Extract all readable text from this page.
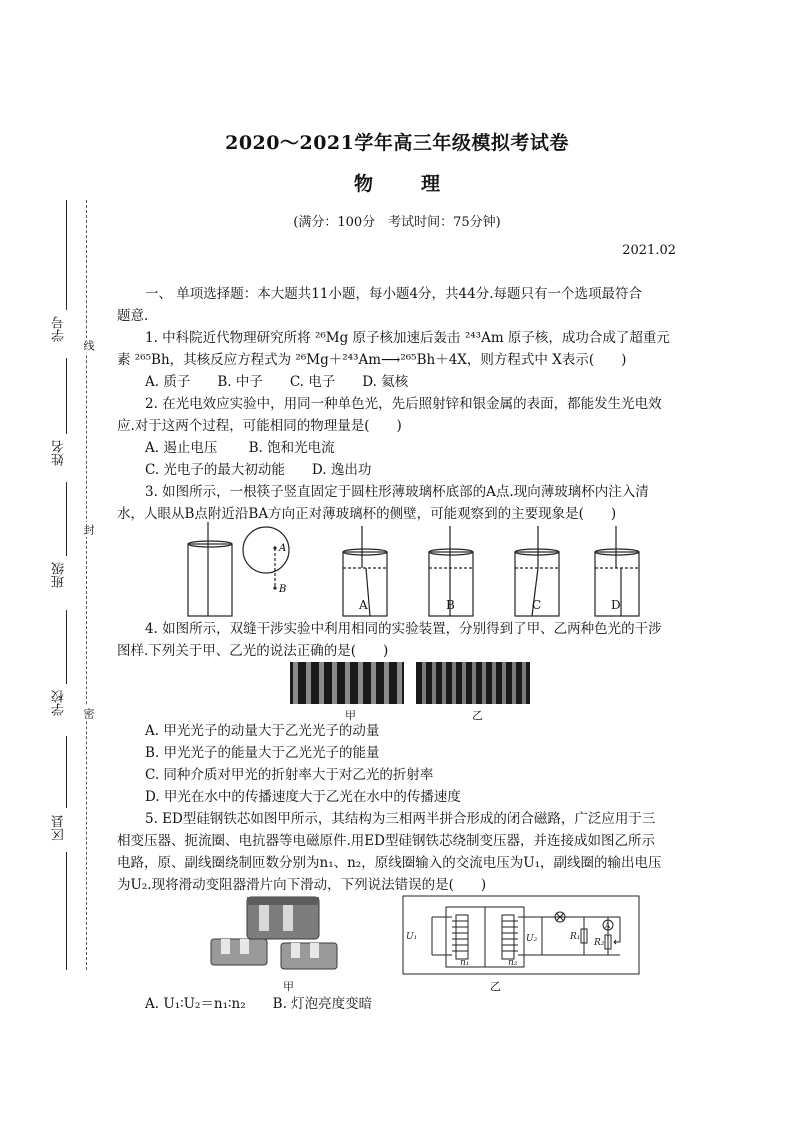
学号
姓名
班级
学校
区县
线
封
密
2020～2021学年高三年级模拟考试卷
物	理
(满分：100分　考试时间：75分钟)
2021.02
一、 单项选择题：本大题共11小题，每小题4分，共44分.每题只有一个选项最符合
题意.
1. 中科院近代物理研究所将 ²⁶Mg 原子核加速后轰击 ²⁴³Am 原子核，成功合成了超重元
素 ²⁶⁵Bh，其核反应方程式为 ²⁶Mg＋²⁴³Am⟶²⁶⁵Bh＋4X，则方程式中 X表示(　　)
A. 质子　　B. 中子　　C. 电子　　D. 氦核
2. 在光电效应实验中，用同一种单色光，先后照射锌和银金属的表面，都能发生光电效
应.对于这两个过程，可能相同的物理量是(　　)
A. 遏止电压　　 B. 饱和光电流
C. 光电子的最大初动能　　D. 逸出功
3. 如图所示，一根筷子竖直固定于圆柱形薄玻璃杯底部的A点.现向薄玻璃杯内注入清
水，人眼从B点附近沿BA方向正对薄玻璃杯的侧壁，可能观察到的主要现象是(　　)
A
B
A	B	C	D
4. 如图所示，双缝干涉实验中利用相同的实验装置，分别得到了甲、乙两种色光的干涉
图样.下列关于甲、乙光的说法正确的是(　　)
甲	乙
A. 甲光光子的动量大于乙光光子的动量
B. 甲光光子的能量大于乙光光子的能量
C. 同种介质对甲光的折射率大于对乙光的折射率
D. 甲光在水中的传播速度大于乙光在水中的传播速度
5. ED型硅钢铁芯如图甲所示，其结构为三相两半拼合形成的闭合磁路，广泛应用于三
相变压器、扼流圈、电抗器等电磁原件.用ED型硅钢铁芯绕制变压器，并连接成如图乙所示
电路，原、副线圈绕制匝数分别为n₁、n₂，原线圈输入的交流电压为U₁，副线圈的输出电压
为U₂.现将滑动变阻器滑片向下滑动，下列说法错误的是(　　)
甲
U₁	U₂
n₁	n₂
R₁
R₂
A
乙
A. U₁∶U₂＝n₁∶n₂　　B. 灯泡亮度变暗
